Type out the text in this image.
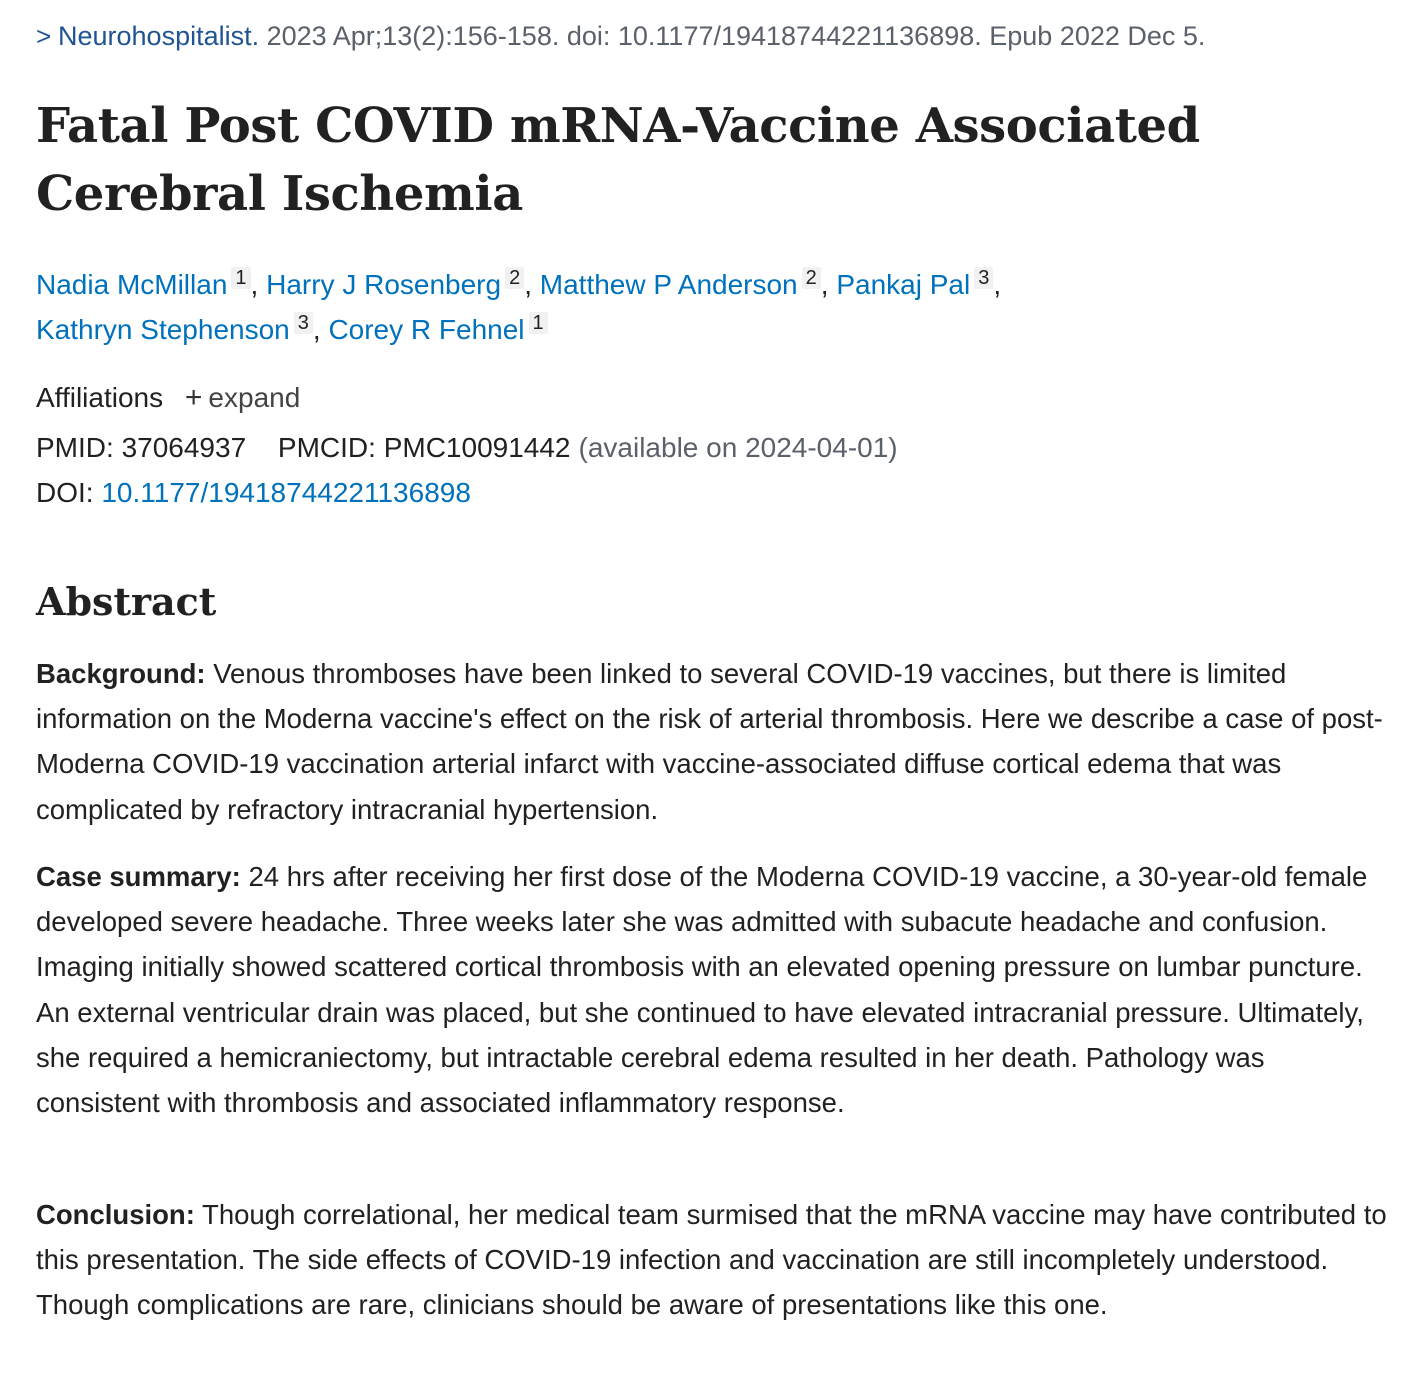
> Neurohospitalist. 2023 Apr;13(2):156-158. doi: 10.1177/19418744221136898. Epub 2022 Dec 5.
Fatal Post COVID mRNA-Vaccine Associated Cerebral Ischemia
Nadia McMillan $^1$ , Harry J Rosenberg $^2$ , Matthew P Anderson $^2$ , Pankaj Pal $^3$ ,
Kathryn Stephenson $^3$ , Corey R Fehnel $^1$
Affiliations + expand
PMID: 37064937 PMCID: PMC10091442 (available on 2024-04-01)
DOI: 10.1177/19418744221136898
Abstract

Background: Venous thromboses have been linked to several COVID-19 vaccines, but there is limited information on the Moderna vaccine's effect on the risk of arterial thrombosis. Here we describe a case of post-Moderna COVID-19 vaccination arterial infarct with vaccine-associated diffuse cortical edema that was complicated by refractory intracranial hypertension.

Case summary: 24 hrs after receiving her first dose of the Moderna COVID-19 vaccine, a 30-year-old female developed severe headache. Three weeks later she was admitted with subacute headache and confusion. Imaging initially showed scattered cortical thrombosis with an elevated opening pressure on lumbar puncture. An external ventricular drain was placed, but she continued to have elevated intracranial pressure. Ultimately, she required a hemicraniectomy, but intractable cerebral edema resulted in her death. Pathology was consistent with thrombosis and associated inflammatory response.

Conclusion: Though correlational, her medical team surmised that the mRNA vaccine may have contributed to this presentation. The side effects of COVID-19 infection and vaccination are still incompletely understood. Though complications are rare, clinicians should be aware of presentations like this one.
